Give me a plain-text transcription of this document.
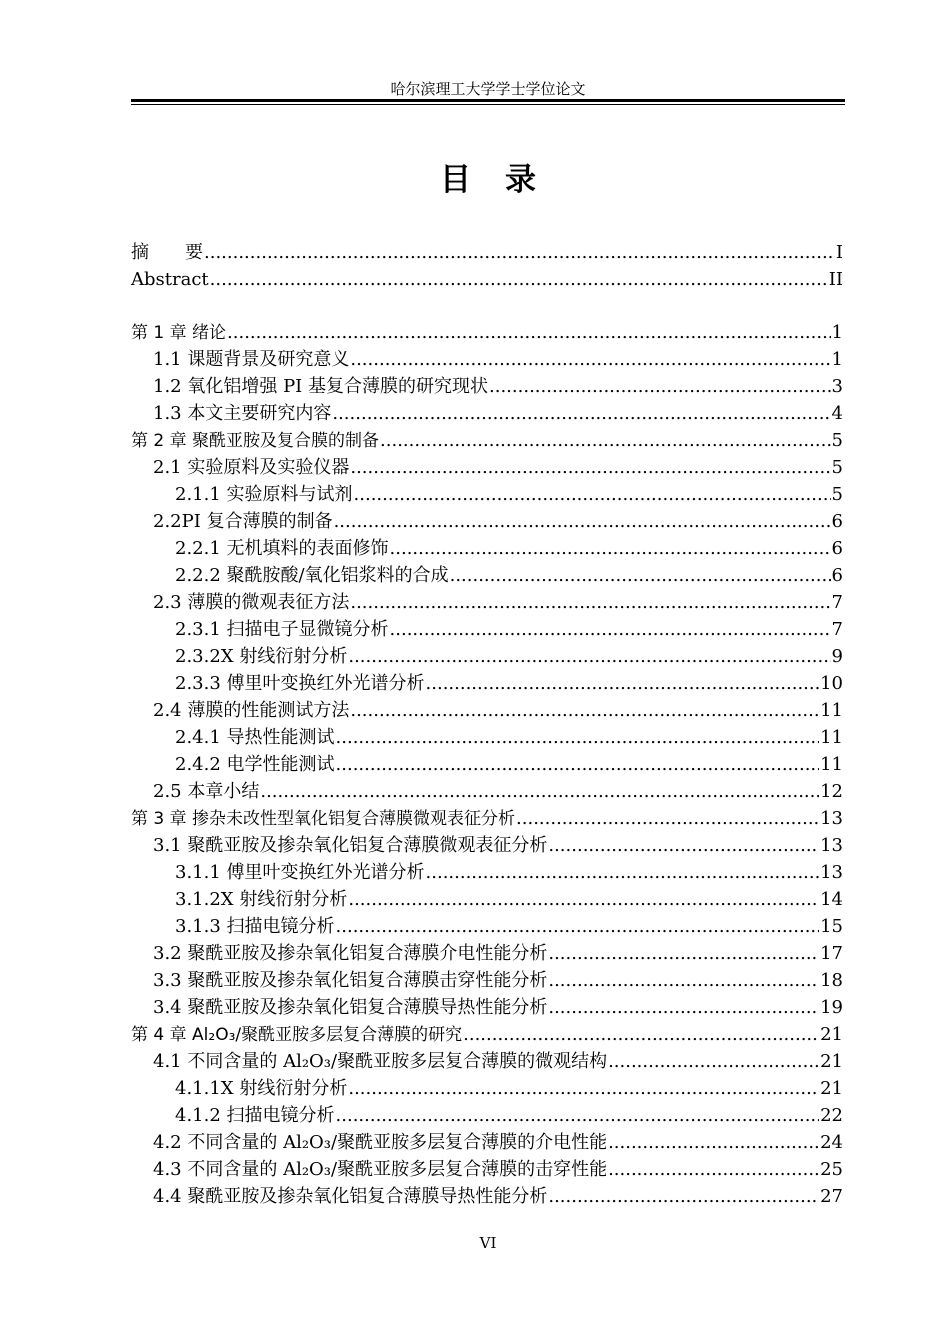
哈尔滨理工大学学士学位论文
目录
摘　　要 .....	I
Abstract .....	II
第 1 章 绪论 .....	1
1.1 课题背景及研究意义 .....	1
1.2 氧化铝增强 PI 基复合薄膜的研究现状 .....	3
1.3 本文主要研究内容 .....	4
第 2 章 聚酰亚胺及复合膜的制备 .....	5
2.1 实验原料及实验仪器 .....	5
2.1.1 实验原料与试剂 .....	5
2.2PI 复合薄膜的制备 .....	6
2.2.1 无机填料的表面修饰 .....	6
2.2.2 聚酰胺酸/氧化铝浆料的合成 .....	6
2.3 薄膜的微观表征方法 .....	7
2.3.1 扫描电子显微镜分析 .....	7
2.3.2X 射线衍射分析 .....	9
2.3.3 傅里叶变换红外光谱分析 .....	10
2.4 薄膜的性能测试方法 .....	11
2.4.1 导热性能测试 .....	11
2.4.2 电学性能测试 .....	11
2.5 本章小结 .....	12
第 3 章 掺杂未改性型氧化铝复合薄膜微观表征分析 .....	13
3.1 聚酰亚胺及掺杂氧化铝复合薄膜微观表征分析 .....	13
3.1.1 傅里叶变换红外光谱分析 .....	13
3.1.2X 射线衍射分析 .....	14
3.1.3 扫描电镜分析 .....	15
3.2 聚酰亚胺及掺杂氧化铝复合薄膜介电性能分析 .....	17
3.3 聚酰亚胺及掺杂氧化铝复合薄膜击穿性能分析 .....	18
3.4 聚酰亚胺及掺杂氧化铝复合薄膜导热性能分析 .....	19
第 4 章 Al₂O₃/聚酰亚胺多层复合薄膜的研究 .....	21
4.1 不同含量的 Al₂O₃/聚酰亚胺多层复合薄膜的微观结构 .....	21
4.1.1X 射线衍射分析 .....	21
4.1.2 扫描电镜分析 .....	22
4.2 不同含量的 Al₂O₃/聚酰亚胺多层复合薄膜的介电性能 .....	24
4.3 不同含量的 Al₂O₃/聚酰亚胺多层复合薄膜的击穿性能 .....	25
4.4 聚酰亚胺及掺杂氧化铝复合薄膜导热性能分析 .....	27
VI
